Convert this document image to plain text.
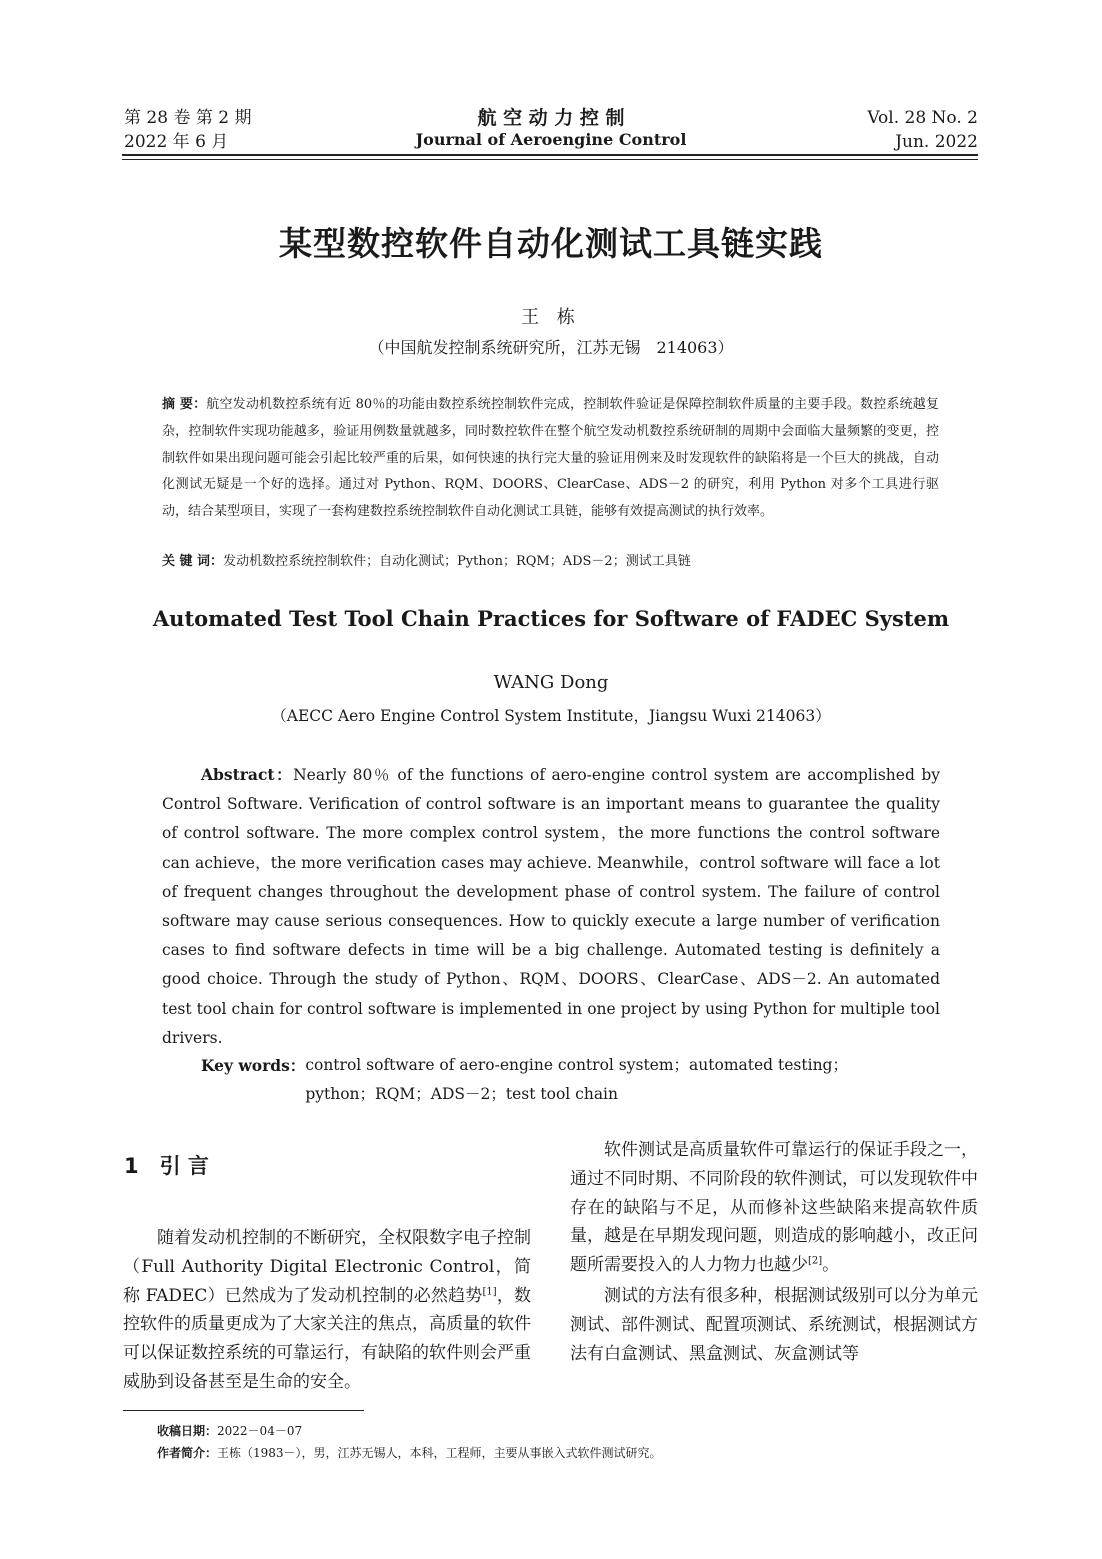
第 28 卷 第 2 期
2022 年 6 月
航 空 动 力 控 制
Journal of Aeroengine Control
Vol. 28 No. 2
Jun. 2022
某型数控软件自动化测试工具链实践
王 栋
（中国航发控制系统研究所，江苏无锡　214063）
摘 要：航空发动机数控系统有近 80％的功能由数控系统控制软件完成，控制软件验证是保障控制软件质量的主要手段。数控系统越复杂，控制软件实现功能越多，验证用例数量就越多，同时数控软件在整个航空发动机数控系统研制的周期中会面临大量频繁的变更，控制软件如果出现问题可能会引起比较严重的后果，如何快速的执行完大量的验证用例来及时发现软件的缺陷将是一个巨大的挑战，自动化测试无疑是一个好的选择。通过对 Python、RQM、DOORS、ClearCase、ADS－2 的研究，利用 Python 对多个工具进行驱动，结合某型项目，实现了一套构建数控系统控制软件自动化测试工具链，能够有效提高测试的执行效率。
关 键 词：发动机数控系统控制软件；自动化测试；Python；RQM；ADS－2；测试工具链
Automated Test Tool Chain Practices for Software of FADEC System
WANG Dong
（AECC Aero Engine Control System Institute，Jiangsu Wuxi 214063）
Abstract：Nearly 80％ of the functions of aero-engine control system are accomplished by Control Software. Verification of control software is an important means to guarantee the quality of control software. The more complex control system，the more functions the control software can achieve，the more verification cases may achieve. Meanwhile，control software will face a lot of frequent changes throughout the development phase of control system. The failure of control software may cause serious consequences. How to quickly execute a large number of verification cases to find software defects in time will be a big challenge. Automated testing is definitely a good choice. Through the study of Python、RQM、DOORS、ClearCase、ADS－2. An automated test tool chain for control software is implemented in one project by using Python for multiple tool drivers.
Key words：control software of aero-engine control system；automated testing；
python；RQM；ADS－2；test tool chain
1　引 言

随着发动机控制的不断研究，全权限数字电子控制（Full Authority Digital Electronic Control，简称 FADEC）已然成为了发动机控制的必然趋势[1]，数控软件的质量更成为了大家关注的焦点，高质量的软件可以保证数控系统的可靠运行，有缺陷的软件则会严重威胁到设备甚至是生命的安全。

软件测试是高质量软件可靠运行的保证手段之一，通过不同时期、不同阶段的软件测试，可以发现软件中存在的缺陷与不足，从而修补这些缺陷来提高软件质量，越是在早期发现问题，则造成的影响越小，改正问题所需要投入的人力物力也越少[2]。

测试的方法有很多种，根据测试级别可以分为单元测试、部件测试、配置项测试、系统测试，根据测试方法有白盒测试、黑盒测试、灰盒测试等

收稿日期：2022－04－07
作者简介：王栋（1983－），男，江苏无锡人，本科，工程师，主要从事嵌入式软件测试研究。
